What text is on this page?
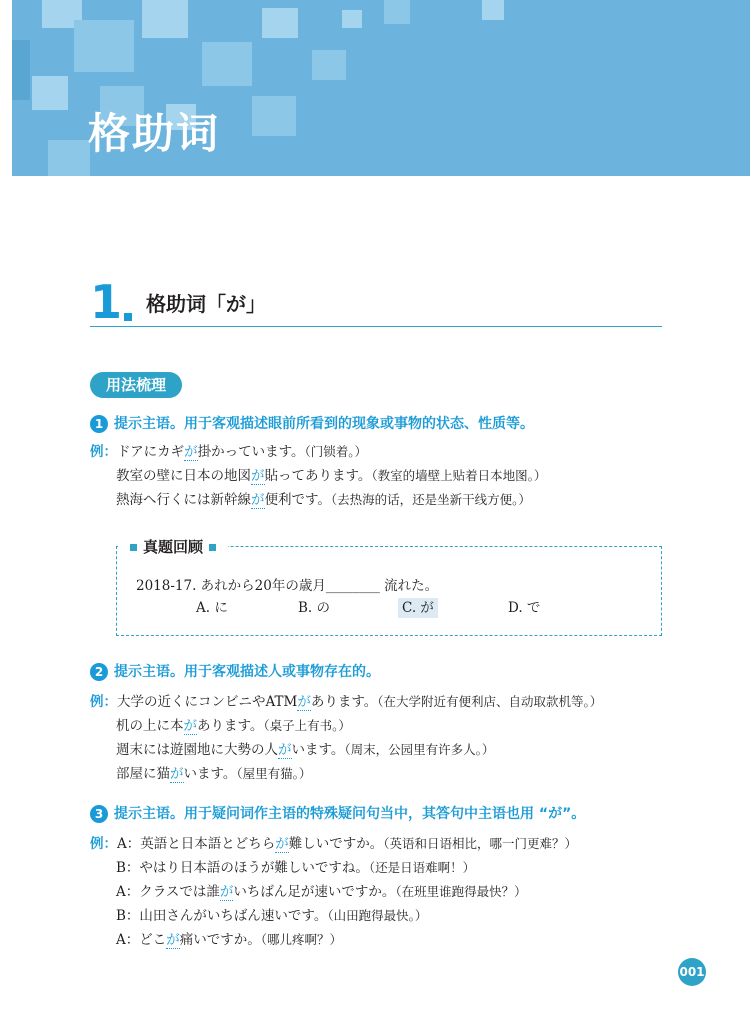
格助词
1 格助词「が」
用法梳理
1 提示主语。用于客观描述眼前所看到的现象或事物的状态、性质等。
例：ドアにカギが掛かっています。（门锁着。）
教室の壁に日本の地図が貼ってあります。（教室的墙壁上贴着日本地图。）
熱海へ行くには新幹線が便利です。（去热海的话，还是坐新干线方便。）
真题回顾
2018-17. あれから20年の歳月________ 流れた。
A. に	B. の	C. が	D. で
2 提示主语。用于客观描述人或事物存在的。
例：大学の近くにコンビニやATMがあります。（在大学附近有便利店、自动取款机等。）
机の上に本があります。（桌子上有书。）
週末には遊園地に大勢の人がいます。（周末，公园里有许多人。）
部屋に猫がいます。（屋里有猫。）
3 提示主语。用于疑问词作主语的特殊疑问句当中，其答句中主语也用 “が”。
例：A：英語と日本語とどちらが難しいですか。（英语和日语相比，哪一门更难？）
B：やはり日本語のほうが難しいですね。（还是日语难啊！）
A：クラスでは誰がいちばん足が速いですか。（在班里谁跑得最快？）
B：山田さんがいちばん速いです。（山田跑得最快。）
A：どこが痛いですか。（哪儿疼啊？）
001
